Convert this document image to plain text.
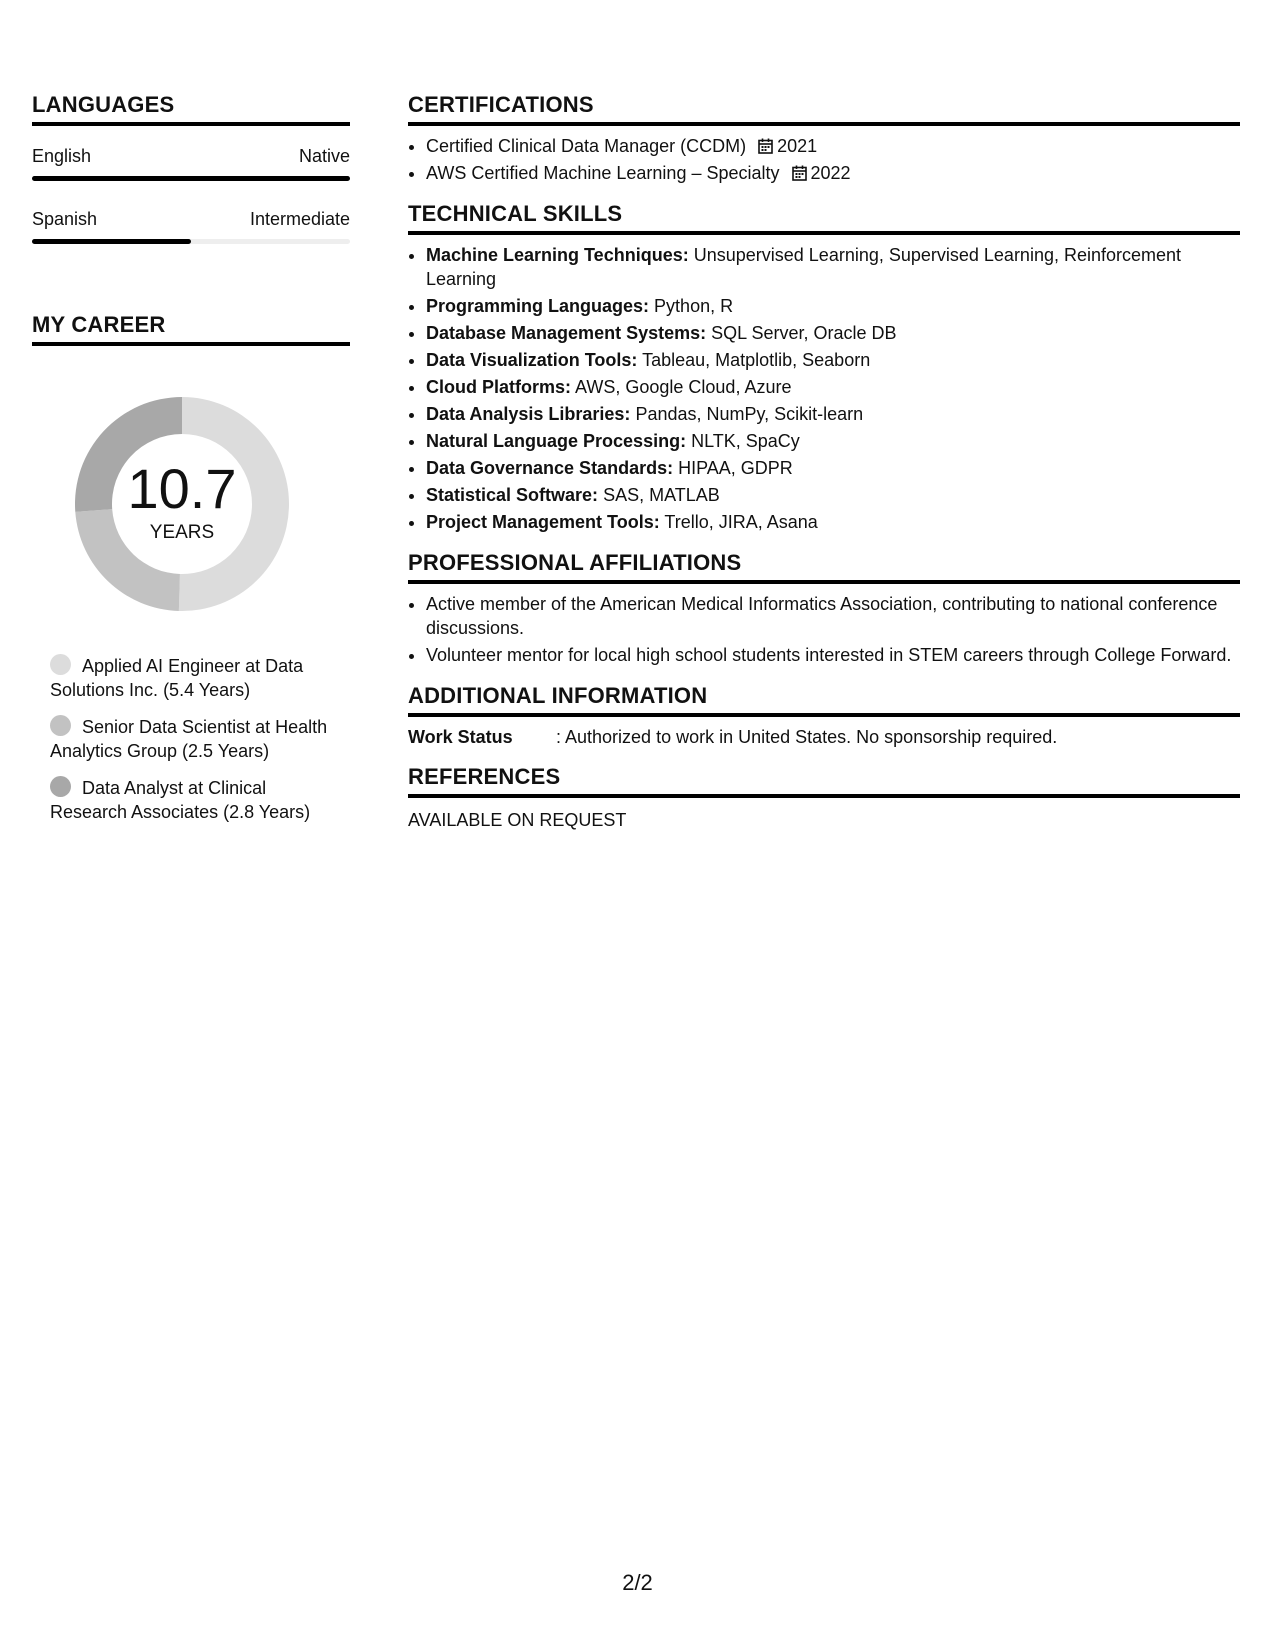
LANGUAGES
English	Native
Spanish	Intermediate
MY CAREER
10.7
YEARS
Applied AI Engineer at Data Solutions Inc. (5.4 Years)
Senior Data Scientist at Health Analytics Group (2.5 Years)
Data Analyst at Clinical Research Associates (2.8 Years)
CERTIFICATIONS
• Certified Clinical Data Manager (CCDM) 2021
• AWS Certified Machine Learning – Specialty 2022
TECHNICAL SKILLS
• Machine Learning Techniques: Unsupervised Learning, Supervised Learning, Reinforcement Learning
• Programming Languages: Python, R
• Database Management Systems: SQL Server, Oracle DB
• Data Visualization Tools: Tableau, Matplotlib, Seaborn
• Cloud Platforms: AWS, Google Cloud, Azure
• Data Analysis Libraries: Pandas, NumPy, Scikit-learn
• Natural Language Processing: NLTK, SpaCy
• Data Governance Standards: HIPAA, GDPR
• Statistical Software: SAS, MATLAB
• Project Management Tools: Trello, JIRA, Asana
PROFESSIONAL AFFILIATIONS
• Active member of the American Medical Informatics Association, contributing to national conference discussions.
• Volunteer mentor for local high school students interested in STEM careers through College Forward.
ADDITIONAL INFORMATION
Work Status	: Authorized to work in United States. No sponsorship required.
REFERENCES
AVAILABLE ON REQUEST
2/2
